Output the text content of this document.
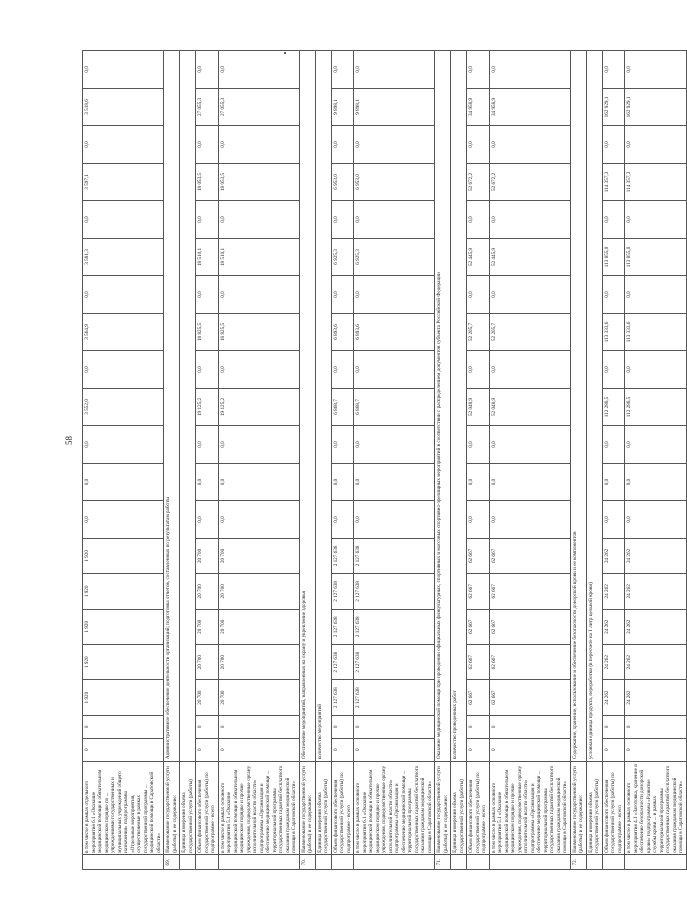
58
	в том числе в рамках отдельного мероприятия 6.1 «Оказание медицинской помощи в обязательном медицинском порядке по ... учреждениями государственных и муниципальных учреждений общего назначения» подпрограммы «Отдельные мероприятия, осуществляемые в рамках государственной программы ... медицинской помощи в Саратовской области»	0	0	1 920	1 920	1 920	1 920	1 920	0,0	0,0	0,0	3 552,0	0,0	3 564,9	0,0	3 581,3	0,0	3 597,1	0,0	3 518,6	0,0
69.	Наименование государственной услуги (работы) и ее содержание:	Административное обеспечение деятельности организаций; подготовка отчетов, составленных по результатам работы																			
	Единица измерения объема государственной услуги (работы)																				
	Объем финансового обеспечения государственной услуги (работы) по подпрограмме - всего	0	0	20 700	20 700	20 700	20 700	20 700	0,0	0,0	0,0	19 125,2	0,0	18 825,5	0,0	18 510,1	0,0	18 053,5	0,0	27 055,3	0,0
	в том числе в рамках основного мероприятия 5.1 «Оказание медицинской помощи в обязательном медицинском порядке и прочие учреждения, подведомственные органу исполнительной власти области» подпрограммы «Организация и обеспечение медицинской помощи ... территориальной программы государственных гарантий бесплатного оказания гражданам медицинской помощи в Саратовской области»	0	0	20 700	20 700	20 700	20 700	20 700	0,0	0,0	0,0	19 125,2	0,0	18 825,5	0,0	18 510,1	0,0	18 053,5	0,0	27 055,3	0,0
70.	Наименование государственной услуги (работы) и ее содержание:	Обеспечение мероприятий, направленных на охрану и укрепление здоровья																			
	Единица измерения объема государственной услуги (работы)	количество мероприятий																			
	Объем финансового обеспечения государственной услуги (работы) по подпрограмме - всего	0	0	2 127 638	2 127 638	2 127 638	2 127 638	2 127 638	0,0	0,0	0,0	6 868,7	0,0	6 893,6	0,0	6 925,3	0,0	6 953,0	0,0	9 898,1	0,0
	в том числе в рамках основного мероприятия 6.1 «Оказание медицинской помощи в обязательном медицинском порядке и прочие учреждения, подведомственные органу исполнительной власти области» подпрограммы «Организация и обеспечение медицинской помощи ... территориальной программы государственных гарантий бесплатного оказания гражданам медицинской помощи в Саратовской области»	0	0	2 127 638	2 127 638	2 127 638	2 127 638	2 127 638	0,0	0,0	0,0	6 868,7	0,0	6 893,6	0,0	6 925,3	0,0	6 953,0	0,0	9 898,1	0,0
71.	Наименование государственной услуги (работы) и ее содержание:	Оказание медицинской помощи при проведении официальных физкультурных, спортивных и массовых спортивно-зрелищных мероприятий в соответствии с распределением документов субъекта Российской Федерации																			
	Единица измерения объема государственной услуги (работы)	количество проведенных работ																			
	Объем финансового обеспечения государственной услуги (работы) по подпрограмме - всего	0	0	62 667	62 667	62 667	62 667	62 667	0,0	0,0	0,0	52 048,9	0,0	52 205,7	0,0	52 445,9	0,0	52 672,2	0,0	34 958,9	0,0
	в том числе в рамках основного мероприятия 5.1 «Оказание медицинской помощи в обязательном медицинском порядке и прочие учреждения, подведомственные органу исполнительной власти области» подпрограммы «Организация и обеспечение медицинской помощи ... территориальной программы государственных гарантий бесплатного оказания гражданам медицинской помощи в Саратовской области»	0	0	62 667	62 667	62 667	62 667	62 667	0,0	0,0	0,0	52 048,9	0,0	52 205,7	0,0	52 445,9	0,0	52 672,2	0,0	34 958,9	0,0
72.	Наименование государственной услуги (работы) и ее содержание:	Содержание, хранение, использование и обеспечение безопасности донорской крови и ее компонентов																			
	Единица измерения объема государственной услуги (работы)	условная единица продукта, переработки (в пересчете на 1 литр цельной крови)																			
	Объем финансового обеспечения государственной услуги (работы) по подпрограмме - всего	0	0	24 262	24 262	24 262	24 262	24 262	0,0	0,0	0,0	112 288,5	0,0	113 333,6	0,0	113 855,0	0,0	114 357,3	0,0	162 929,1	0,0
	в том числе в рамках основного мероприятия 4.1 «Заготовка, хранение и обеспечение безопасности донорской крови» подпрограммы «Развитие службы крови ... в рамках территориальной программы государственных гарантий бесплатного оказания гражданам медицинской помощи в Саратовской области»	0	0	24 262	24 262	24 262	24 262	24 262	0,0	0,0	0,0	112 288,5	0,0	113 333,6	0,0	113 855,0	0,0	114 357,3	0,0	162 929,1	0,0
